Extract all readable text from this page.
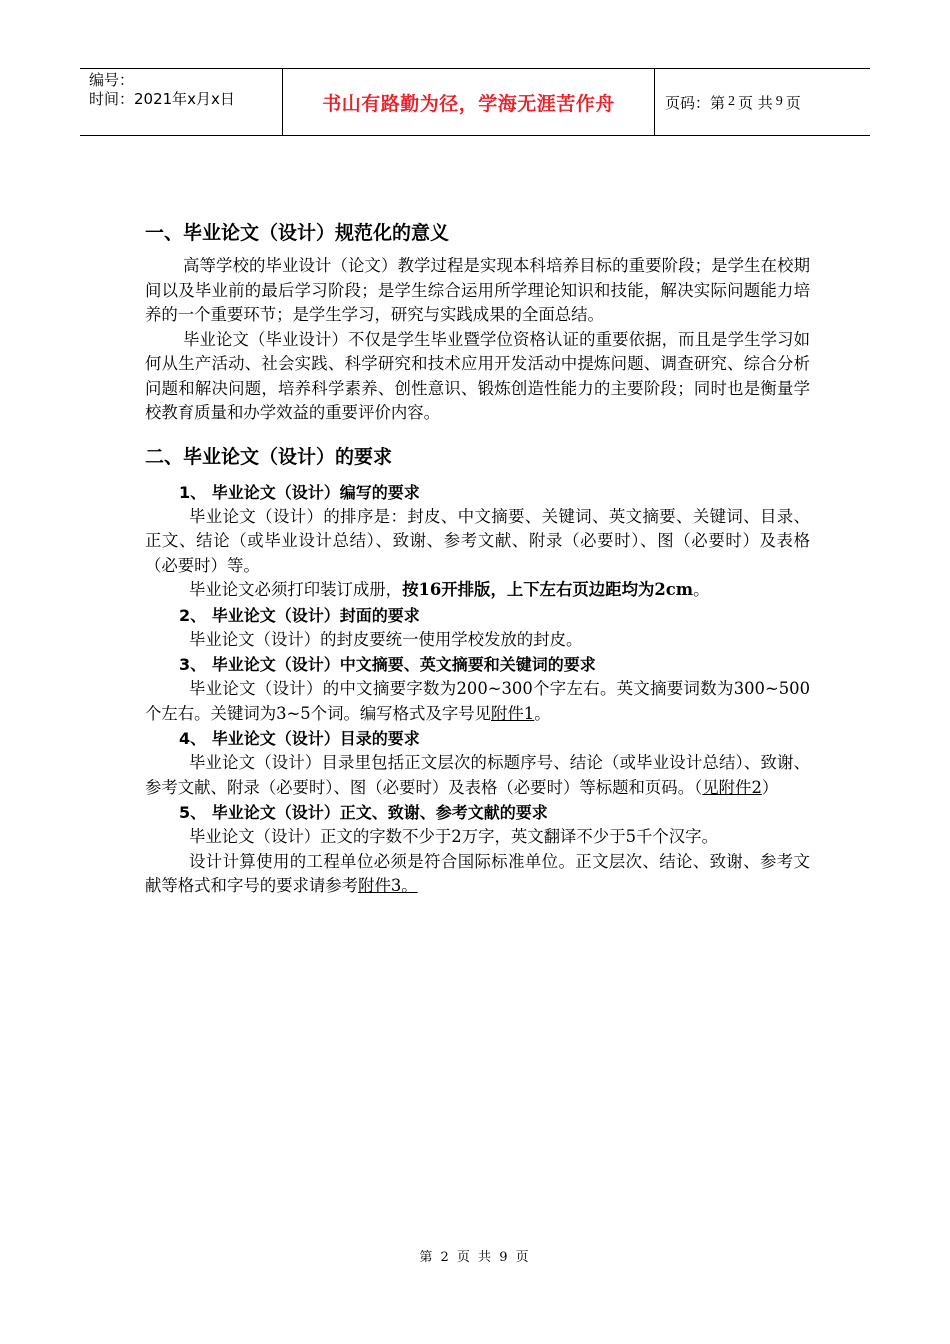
编号：
时间：2021年x月x日	书山有路勤为径，学海无涯苦作舟	页码：第 2 页 共 9 页
一、毕业论文（设计）规范化的意义

高等学校的毕业设计（论文）教学过程是实现本科培养目标的重要阶段；是学生在校期间以及毕业前的最后学习阶段；是学生综合运用所学理论知识和技能，解决实际问题能力培养的一个重要环节；是学生学习，研究与实践成果的全面总结。

毕业论文（毕业设计）不仅是学生毕业暨学位资格认证的重要依据，而且是学生学习如何从生产活动、社会实践、科学研究和技术应用开发活动中提炼问题、调查研究、综合分析问题和解决问题，培养科学素养、创性意识、锻炼创造性能力的主要阶段；同时也是衡量学校教育质量和办学效益的重要评价内容。

二、毕业论文（设计）的要求
1、 毕业论文（设计）编写的要求

毕业论文（设计）的排序是：封皮、中文摘要、关键词、英文摘要、关键词、目录、正文、结论（或毕业设计总结）、致谢、参考文献、附录（必要时）、图（必要时）及表格（必要时）等。

毕业论文必须打印装订成册，按16开排版，上下左右页边距均为2cm。

2、 毕业论文（设计）封面的要求

毕业论文（设计）的封皮要统一使用学校发放的封皮。

3、 毕业论文（设计）中文摘要、英文摘要和关键词的要求

毕业论文（设计）的中文摘要字数为200~300个字左右。英文摘要词数为300~500个左右。关键词为3~5个词。编写格式及字号见附件1。

4、 毕业论文（设计）目录的要求

毕业论文（设计）目录里包括正文层次的标题序号、结论（或毕业设计总结）、致谢、参考文献、附录（必要时）、图（必要时）及表格（必要时）等标题和页码。（见附件2）

5、 毕业论文（设计）正文、致谢、参考文献的要求

毕业论文（设计）正文的字数不少于2万字，英文翻译不少于5千个汉字。

设计计算使用的工程单位必须是符合国际标准单位。正文层次、结论、致谢、参考文献等格式和字号的要求请参考附件3。

第 2 页 共 9 页
